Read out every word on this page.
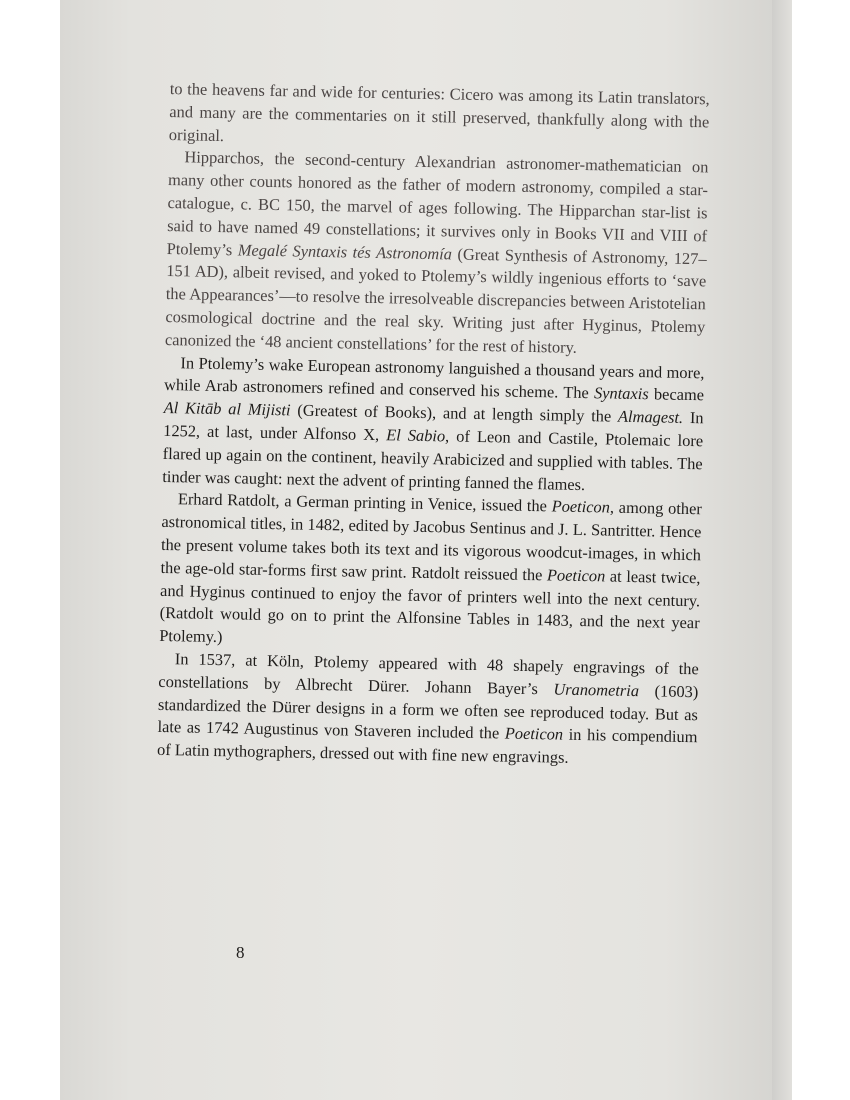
to the heavens far and wide for centuries: Cicero was among its Latin translators, and many are the commentaries on it still preserved, thankfully along with the original.

Hipparchos, the second-century Alexandrian astronomer-mathematician on many other counts honored as the father of modern astronomy, compiled a star-catalogue, c. BC 150, the marvel of ages following. The Hipparchan star-list is said to have named 49 constellations; it survives only in Books VII and VIII of Ptolemy’s Megalé Syntaxis tés Astronomía (Great Synthesis of Astronomy, 127–151 AD), albeit revised, and yoked to Ptolemy’s wildly ingenious efforts to ‘save the Appearances’—to resolve the irresolveable discrepancies between Aristotelian cosmological doctrine and the real sky. Writing just after Hyginus, Ptolemy canonized the ‘48 ancient constellations’ for the rest of history.

In Ptolemy’s wake European astronomy languished a thousand years and more, while Arab astronomers refined and conserved his scheme. The Syntaxis became Al Kitāb al Mijisti (Greatest of Books), and at length simply the Almagest. In 1252, at last, under Alfonso X, El Sabio, of Leon and Castile, Ptolemaic lore flared up again on the continent, heavily Arabicized and supplied with tables. The tinder was caught: next the advent of printing fanned the flames.

Erhard Ratdolt, a German printing in Venice, issued the Poeticon, among other astronomical titles, in 1482, edited by Jacobus Sentinus and J. L. Santritter. Hence the present volume takes both its text and its vigorous woodcut-images, in which the age-old star-forms first saw print. Ratdolt reissued the Poeticon at least twice, and Hyginus continued to enjoy the favor of printers well into the next century. (Ratdolt would go on to print the Alfonsine Tables in 1483, and the next year Ptolemy.)

In 1537, at Köln, Ptolemy appeared with 48 shapely engravings of the constellations by Albrecht Dürer. Johann Bayer’s Uranometria (1603) standardized the Dürer designs in a form we often see reproduced today. But as late as 1742 Augustinus von Staveren included the Poeticon in his compendium of Latin mythographers, dressed out with fine new engravings.

8
